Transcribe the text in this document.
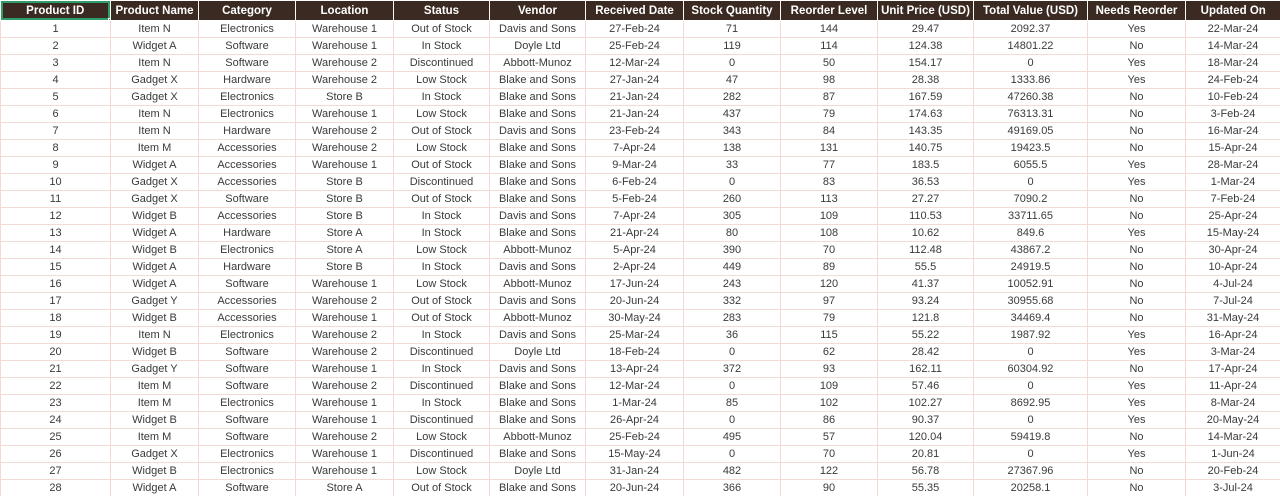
Product ID	Product Name	Category	Location	Status	Vendor	Received Date	Stock Quantity	Reorder Level	Unit Price (USD)	Total Value (USD)	Needs Reorder	Updated On
1	Item N	Electronics	Warehouse 1	Out of Stock	Davis and Sons	27-Feb-24	71	144	29.47	2092.37	Yes	22-Mar-24
2	Widget A	Software	Warehouse 1	In Stock	Doyle Ltd	25-Feb-24	119	114	124.38	14801.22	No	14-Mar-24
3	Item N	Software	Warehouse 2	Discontinued	Abbott-Munoz	12-Mar-24	0	50	154.17	0	Yes	18-Mar-24
4	Gadget X	Hardware	Warehouse 2	Low Stock	Blake and Sons	27-Jan-24	47	98	28.38	1333.86	Yes	24-Feb-24
5	Gadget X	Electronics	Store B	In Stock	Blake and Sons	21-Jan-24	282	87	167.59	47260.38	No	10-Feb-24
6	Item N	Electronics	Warehouse 1	Low Stock	Blake and Sons	21-Jan-24	437	79	174.63	76313.31	No	3-Feb-24
7	Item N	Hardware	Warehouse 2	Out of Stock	Davis and Sons	23-Feb-24	343	84	143.35	49169.05	No	16-Mar-24
8	Item M	Accessories	Warehouse 2	Low Stock	Blake and Sons	7-Apr-24	138	131	140.75	19423.5	No	15-Apr-24
9	Widget A	Accessories	Warehouse 1	Out of Stock	Blake and Sons	9-Mar-24	33	77	183.5	6055.5	Yes	28-Mar-24
10	Gadget X	Accessories	Store B	Discontinued	Blake and Sons	6-Feb-24	0	83	36.53	0	Yes	1-Mar-24
11	Gadget X	Software	Store B	Out of Stock	Blake and Sons	5-Feb-24	260	113	27.27	7090.2	No	7-Feb-24
12	Widget B	Accessories	Store B	In Stock	Davis and Sons	7-Apr-24	305	109	110.53	33711.65	No	25-Apr-24
13	Widget A	Hardware	Store A	In Stock	Blake and Sons	21-Apr-24	80	108	10.62	849.6	Yes	15-May-24
14	Widget B	Electronics	Store A	Low Stock	Abbott-Munoz	5-Apr-24	390	70	112.48	43867.2	No	30-Apr-24
15	Widget A	Hardware	Store B	In Stock	Davis and Sons	2-Apr-24	449	89	55.5	24919.5	No	10-Apr-24
16	Widget A	Software	Warehouse 1	Low Stock	Abbott-Munoz	17-Jun-24	243	120	41.37	10052.91	No	4-Jul-24
17	Gadget Y	Accessories	Warehouse 2	Out of Stock	Davis and Sons	20-Jun-24	332	97	93.24	30955.68	No	7-Jul-24
18	Widget B	Accessories	Warehouse 1	Out of Stock	Abbott-Munoz	30-May-24	283	79	121.8	34469.4	No	31-May-24
19	Item N	Electronics	Warehouse 2	In Stock	Davis and Sons	25-Mar-24	36	115	55.22	1987.92	Yes	16-Apr-24
20	Widget B	Software	Warehouse 2	Discontinued	Doyle Ltd	18-Feb-24	0	62	28.42	0	Yes	3-Mar-24
21	Gadget Y	Software	Warehouse 1	In Stock	Davis and Sons	13-Apr-24	372	93	162.11	60304.92	No	17-Apr-24
22	Item M	Software	Warehouse 2	Discontinued	Blake and Sons	12-Mar-24	0	109	57.46	0	Yes	11-Apr-24
23	Item M	Electronics	Warehouse 1	In Stock	Blake and Sons	1-Mar-24	85	102	102.27	8692.95	Yes	8-Mar-24
24	Widget B	Software	Warehouse 1	Discontinued	Blake and Sons	26-Apr-24	0	86	90.37	0	Yes	20-May-24
25	Item M	Software	Warehouse 2	Low Stock	Abbott-Munoz	25-Feb-24	495	57	120.04	59419.8	No	14-Mar-24
26	Gadget X	Electronics	Warehouse 1	Discontinued	Blake and Sons	15-May-24	0	70	20.81	0	Yes	1-Jun-24
27	Widget B	Electronics	Warehouse 1	Low Stock	Doyle Ltd	31-Jan-24	482	122	56.78	27367.96	No	20-Feb-24
28	Widget A	Software	Store A	Out of Stock	Blake and Sons	20-Jun-24	366	90	55.35	20258.1	No	3-Jul-24
